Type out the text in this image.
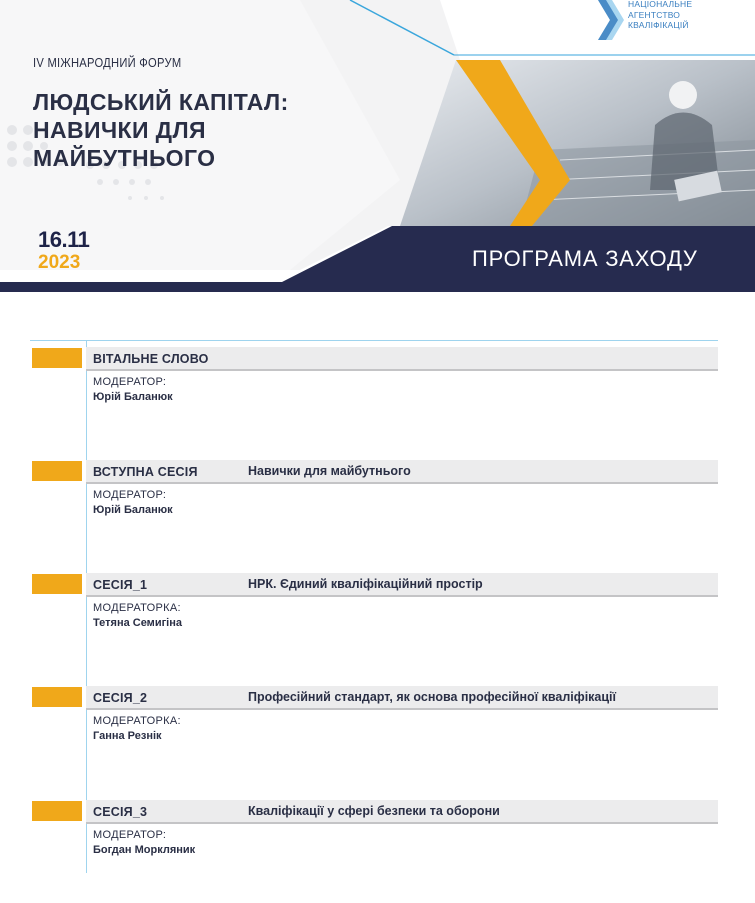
НАЦІОНАЛЬНЕ
АГЕНТСТВО
КВАЛІФІКАЦІЙ
IV МІЖНАРОДНИЙ ФОРУМ
ЛЮДСЬКИЙ КАПІТАЛ:
НАВИЧКИ ДЛЯ
МАЙБУТНЬОГО
16.11
2023	ПРОГРАМА ЗАХОДУ
ВІТАЛЬНЕ СЛОВО
МОДЕРАТОР:
Юрій Баланюк
ВСТУПНА СЕСІЯ	Навички для майбутнього
МОДЕРАТОР:
Юрій Баланюк
СЕСІЯ_1	НРК. Єдиний кваліфікаційний простір
МОДЕРАТОРКА:
Тетяна Семигіна
СЕСІЯ_2	Професійний стандарт, як основа професійної кваліфікації
МОДЕРАТОРКА:
Ганна Резнік
СЕСІЯ_3	Кваліфікації у сфері безпеки та оборони
МОДЕРАТОР:
Богдан Моркляник
